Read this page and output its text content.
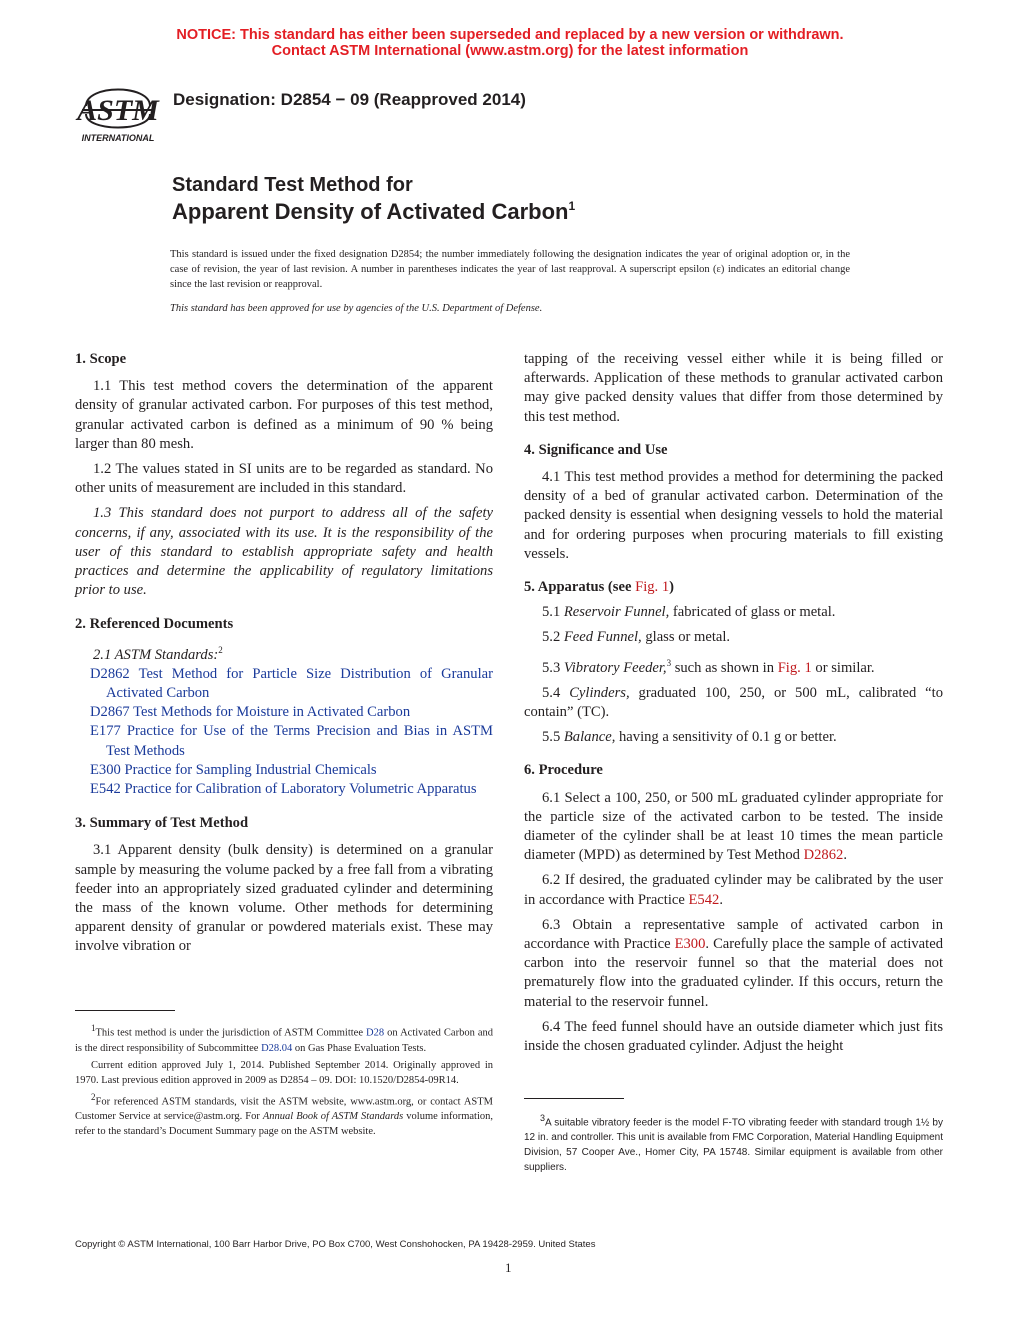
NOTICE: This standard has either been superseded and replaced by a new version or withdrawn.
Contact ASTM International (www.astm.org) for the latest information
ASTM
INTERNATIONAL
Designation: D2854 − 09 (Reapproved 2014)
Standard Test Method for
Apparent Density of Activated Carbon$^1$
This standard is issued under the fixed designation D2854; the number immediately following the designation indicates the year of original adoption or, in the case of revision, the year of last revision. A number in parentheses indicates the year of last reapproval. A superscript epsilon (ε) indicates an editorial change since the last revision or reapproval.
This standard has been approved for use by agencies of the U.S. Department of Defense.
1. Scope

1.1 This test method covers the determination of the apparent density of granular activated carbon. For purposes of this test method, granular activated carbon is defined as a minimum of 90 % being larger than 80 mesh.

1.2 The values stated in SI units are to be regarded as standard. No other units of measurement are included in this standard.

1.3 This standard does not purport to address all of the safety concerns, if any, associated with its use. It is the responsibility of the user of this standard to establish appropriate safety and health practices and determine the applicability of regulatory limitations prior to use.

2. Referenced Documents

2.1 ASTM Standards:$^2$

D2862 Test Method for Particle Size Distribution of Granular Activated Carbon
D2867 Test Methods for Moisture in Activated Carbon
E177 Practice for Use of the Terms Precision and Bias in ASTM Test Methods
E300 Practice for Sampling Industrial Chemicals
E542 Practice for Calibration of Laboratory Volumetric Apparatus
3. Summary of Test Method

3.1 Apparent density (bulk density) is determined on a granular sample by measuring the volume packed by a free fall from a vibrating feeder into an appropriately sized graduated cylinder and determining the mass of the known volume. Other methods for determining apparent density of granular or powdered materials exist. These may involve vibration or

$^1$This test method is under the jurisdiction of ASTM Committee D28 on Activated Carbon and is the direct responsibility of Subcommittee D28.04 on Gas Phase Evaluation Tests.

Current edition approved July 1, 2014. Published September 2014. Originally approved in 1970. Last previous edition approved in 2009 as D2854 – 09. DOI: 10.1520/D2854-09R14.

$^2$For referenced ASTM standards, visit the ASTM website, www.astm.org, or contact ASTM Customer Service at service@astm.org. For Annual Book of ASTM Standards volume information, refer to the standard’s Document Summary page on the ASTM website.

tapping of the receiving vessel either while it is being filled or afterwards. Application of these methods to granular activated carbon may give packed density values that differ from those determined by this test method.

4. Significance and Use

4.1 This test method provides a method for determining the packed density of a bed of granular activated carbon. Determination of the packed density is essential when designing vessels to hold the material and for ordering purposes when procuring materials to fill existing vessels.

5. Apparatus (see Fig. 1)

5.1 Reservoir Funnel, fabricated of glass or metal.

5.2 Feed Funnel, glass or metal.

5.3 Vibratory Feeder,$^3$ such as shown in Fig. 1 or similar.

5.4 Cylinders, graduated 100, 250, or 500 mL, calibrated “to contain” (TC).

5.5 Balance, having a sensitivity of 0.1 g or better.

6. Procedure

6.1 Select a 100, 250, or 500 mL graduated cylinder appropriate for the particle size of the activated carbon to be tested. The inside diameter of the cylinder shall be at least 10 times the mean particle diameter (MPD) as determined by Test Method D2862.

6.2 If desired, the graduated cylinder may be calibrated by the user in accordance with Practice E542.

6.3 Obtain a representative sample of activated carbon in accordance with Practice E300. Carefully place the sample of activated carbon into the reservoir funnel so that the material does not prematurely flow into the graduated cylinder. If this occurs, return the material to the reservoir funnel.

6.4 The feed funnel should have an outside diameter which just fits inside the chosen graduated cylinder. Adjust the height

$^3$A suitable vibratory feeder is the model F-TO vibrating feeder with standard trough 1½ by 12 in. and controller. This unit is available from FMC Corporation, Material Handling Equipment Division, 57 Cooper Ave., Homer City, PA 15748. Similar equipment is available from other suppliers.

Copyright © ASTM International, 100 Barr Harbor Drive, PO Box C700, West Conshohocken, PA 19428-2959. United States
1
